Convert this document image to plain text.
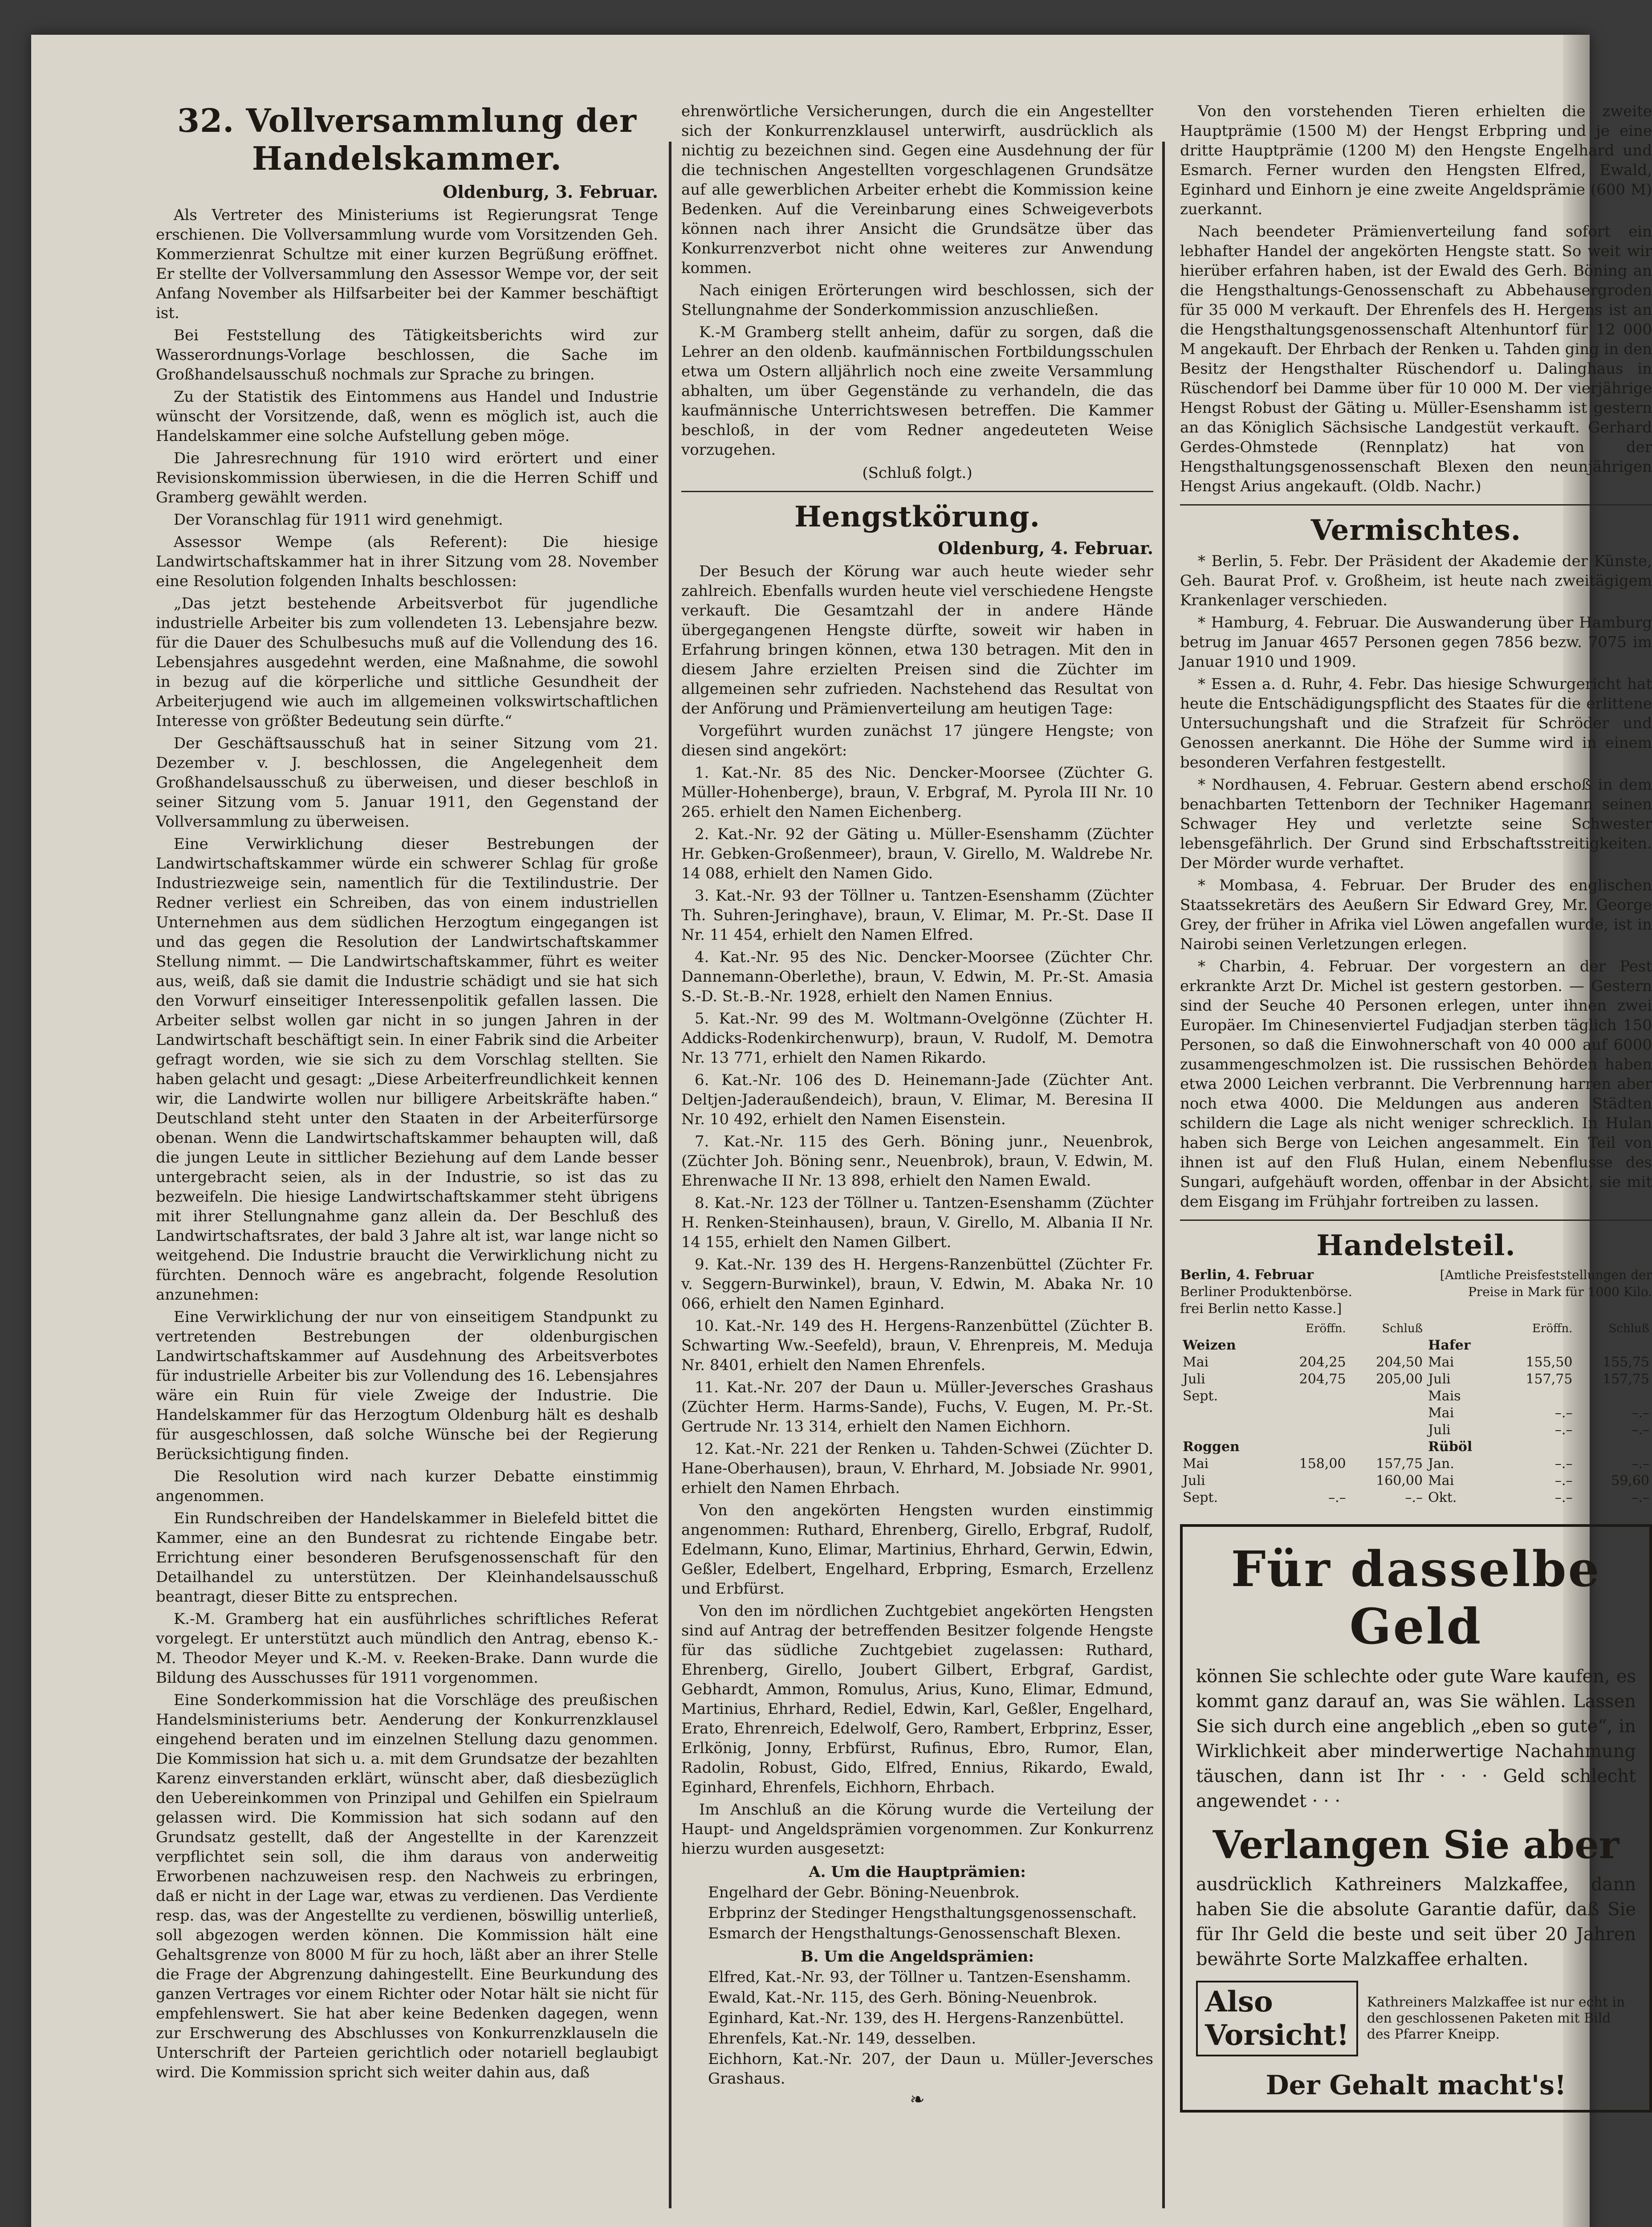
32. Vollversammlung der Handelskammer.
Oldenburg, 3. Februar.

Als Vertreter des Ministeriums ist Regierungsrat Tenge erschienen. Die Vollversammlung wurde vom Vorsitzenden Geh. Kommerzienrat Schultze mit einer kurzen Begrüßung eröffnet. Er stellte der Vollversammlung den Assessor Wempe vor, der seit Anfang November als Hilfsarbeiter bei der Kammer beschäftigt ist.

Bei Feststellung des Tätigkeitsberichts wird zur Wasserordnungs-Vorlage beschlossen, die Sache im Großhandelsausschuß nochmals zur Sprache zu bringen.

Zu der Statistik des Eintommens aus Handel und Industrie wünscht der Vorsitzende, daß, wenn es möglich ist, auch die Handelskammer eine solche Aufstellung geben möge.

Die Jahresrechnung für 1910 wird erörtert und einer Revisionskommission überwiesen, in die die Herren Schiff und Gramberg gewählt werden.

Der Voranschlag für 1911 wird genehmigt.

Assessor Wempe (als Referent): Die hiesige Landwirtschaftskammer hat in ihrer Sitzung vom 28. November eine Resolution folgenden Inhalts beschlossen:

„Das jetzt bestehende Arbeitsverbot für jugendliche industrielle Arbeiter bis zum vollendeten 13. Lebensjahre bezw. für die Dauer des Schulbesuchs muß auf die Vollendung des 16. Lebensjahres ausgedehnt werden, eine Maßnahme, die sowohl in bezug auf die körperliche und sittliche Gesundheit der Arbeiterjugend wie auch im allgemeinen volkswirtschaftlichen Interesse von größter Bedeutung sein dürfte.“

Der Geschäftsausschuß hat in seiner Sitzung vom 21. Dezember v. J. beschlossen, die Angelegenheit dem Großhandelsausschuß zu überweisen, und dieser beschloß in seiner Sitzung vom 5. Januar 1911, den Gegenstand der Vollversammlung zu überweisen.

Eine Verwirklichung dieser Bestrebungen der Landwirtschaftskammer würde ein schwerer Schlag für große Industriezweige sein, namentlich für die Textilindustrie. Der Redner verliest ein Schreiben, das von einem industriellen Unternehmen aus dem südlichen Herzogtum eingegangen ist und das gegen die Resolution der Landwirtschaftskammer Stellung nimmt. — Die Landwirtschaftskammer, führt es weiter aus, weiß, daß sie damit die Industrie schädigt und sie hat sich den Vorwurf einseitiger Interessenpolitik gefallen lassen. Die Arbeiter selbst wollen gar nicht in so jungen Jahren in der Landwirtschaft beschäftigt sein. In einer Fabrik sind die Arbeiter gefragt worden, wie sie sich zu dem Vorschlag stellten. Sie haben gelacht und gesagt: „Diese Arbeiterfreundlichkeit kennen wir, die Landwirte wollen nur billigere Arbeitskräfte haben.“ Deutschland steht unter den Staaten in der Arbeiterfürsorge obenan. Wenn die Landwirtschaftskammer behaupten will, daß die jungen Leute in sittlicher Beziehung auf dem Lande besser untergebracht seien, als in der Industrie, so ist das zu bezweifeln. Die hiesige Landwirtschaftskammer steht übrigens mit ihrer Stellungnahme ganz allein da. Der Beschluß des Landwirtschaftsrates, der bald 3 Jahre alt ist, war lange nicht so weitgehend. Die Industrie braucht die Verwirklichung nicht zu fürchten. Dennoch wäre es angebracht, folgende Resolution anzunehmen:

Eine Verwirklichung der nur von einseitigem Standpunkt zu vertretenden Bestrebungen der oldenburgischen Landwirtschaftskammer auf Ausdehnung des Arbeitsverbotes für industrielle Arbeiter bis zur Vollendung des 16. Lebensjahres wäre ein Ruin für viele Zweige der Industrie. Die Handelskammer für das Herzogtum Oldenburg hält es deshalb für ausgeschlossen, daß solche Wünsche bei der Regierung Berücksichtigung finden.

Die Resolution wird nach kurzer Debatte einstimmig angenommen.

Ein Rundschreiben der Handelskammer in Bielefeld bittet die Kammer, eine an den Bundesrat zu richtende Eingabe betr. Errichtung einer besonderen Berufsgenossenschaft für den Detailhandel zu unterstützen. Der Kleinhandelsausschuß beantragt, dieser Bitte zu entsprechen.

K.-M. Gramberg hat ein ausführliches schriftliches Referat vorgelegt. Er unterstützt auch mündlich den Antrag, ebenso K.-M. Theodor Meyer und K.-M. v. Reeken-Brake. Dann wurde die Bildung des Ausschusses für 1911 vorgenommen.

Eine Sonderkommission hat die Vorschläge des preußischen Handelsministeriums betr. Aenderung der Konkurrenzklausel eingehend beraten und im einzelnen Stellung dazu genommen. Die Kommission hat sich u. a. mit dem Grundsatze der bezahlten Karenz einverstanden erklärt, wünscht aber, daß diesbezüglich den Uebereinkommen von Prinzipal und Gehilfen ein Spielraum gelassen wird. Die Kommission hat sich sodann auf den Grundsatz gestellt, daß der Angestellte in der Karenzzeit verpflichtet sein soll, die ihm daraus von anderweitig Erworbenen nachzuweisen resp. den Nachweis zu erbringen, daß er nicht in der Lage war, etwas zu verdienen. Das Verdiente resp. das, was der Angestellte zu verdienen, böswillig unterließ, soll abgezogen werden können. Die Kommission hält eine Gehaltsgrenze von 8000 M für zu hoch, läßt aber an ihrer Stelle die Frage der Abgrenzung dahingestellt. Eine Beurkundung des ganzen Vertrages vor einem Richter oder Notar hält sie nicht für empfehlenswert. Sie hat aber keine Bedenken dagegen, wenn zur Erschwerung des Abschlusses von Konkurrenzklauseln die Unterschrift der Parteien gerichtlich oder notariell beglaubigt wird. Die Kommission spricht sich weiter dahin aus, daß

ehrenwörtliche Versicherungen, durch die ein Angestellter sich der Konkurrenzklausel unterwirft, ausdrücklich als nichtig zu bezeichnen sind. Gegen eine Ausdehnung der für die technischen Angestellten vorgeschlagenen Grundsätze auf alle gewerblichen Arbeiter erhebt die Kommission keine Bedenken. Auf die Vereinbarung eines Schweigeverbots können nach ihrer Ansicht die Grundsätze über das Konkurrenzverbot nicht ohne weiteres zur Anwendung kommen.

Nach einigen Erörterungen wird beschlossen, sich der Stellungnahme der Sonderkommission anzuschließen.

K.-M Gramberg stellt anheim, dafür zu sorgen, daß die Lehrer an den oldenb. kaufmännischen Fortbildungsschulen etwa um Ostern alljährlich noch eine zweite Versammlung abhalten, um über Gegenstände zu verhandeln, die das kaufmännische Unterrichtswesen betreffen. Die Kammer beschloß, in der vom Redner angedeuteten Weise vorzugehen.

(Schluß folgt.)
Hengstkörung.
Oldenburg, 4. Februar.

Der Besuch der Körung war auch heute wieder sehr zahlreich. Ebenfalls wurden heute viel verschiedene Hengste verkauft. Die Gesamtzahl der in andere Hände übergegangenen Hengste dürfte, soweit wir haben in Erfahrung bringen können, etwa 130 betragen. Mit den in diesem Jahre erzielten Preisen sind die Züchter im allgemeinen sehr zufrieden. Nachstehend das Resultat von der Anförung und Prämienverteilung am heutigen Tage:

Vorgeführt wurden zunächst 17 jüngere Hengste; von diesen sind angekört:

1. Kat.-Nr. 85 des Nic. Dencker-Moorsee (Züchter G. Müller-Hohenberge), braun, V. Erbgraf, M. Pyrola III Nr. 10 265. erhielt den Namen Eichenberg.

2. Kat.-Nr. 92 der Gäting u. Müller-Esenshamm (Züchter Hr. Gebken-Großenmeer), braun, V. Girello, M. Waldrebe Nr. 14 088, erhielt den Namen Gido.

3. Kat.-Nr. 93 der Töllner u. Tantzen-Esenshamm (Züchter Th. Suhren-Jeringhave), braun, V. Elimar, M. Pr.-St. Dase II Nr. 11 454, erhielt den Namen Elfred.

4. Kat.-Nr. 95 des Nic. Dencker-Moorsee (Züchter Chr. Dannemann-Oberlethe), braun, V. Edwin, M. Pr.-St. Amasia S.-D. St.-B.-Nr. 1928, erhielt den Namen Ennius.

5. Kat.-Nr. 99 des M. Woltmann-Ovelgönne (Züchter H. Addicks-Rodenkirchenwurp), braun, V. Rudolf, M. Demotra Nr. 13 771, erhielt den Namen Rikardo.

6. Kat.-Nr. 106 des D. Heinemann-Jade (Züchter Ant. Deltjen-Jaderaußendeich), braun, V. Elimar, M. Beresina II Nr. 10 492, erhielt den Namen Eisenstein.

7. Kat.-Nr. 115 des Gerh. Böning junr., Neuenbrok, (Züchter Joh. Böning senr., Neuenbrok), braun, V. Edwin, M. Ehrenwache II Nr. 13 898, erhielt den Namen Ewald.

8. Kat.-Nr. 123 der Töllner u. Tantzen-Esenshamm (Züchter H. Renken-Steinhausen), braun, V. Girello, M. Albania II Nr. 14 155, erhielt den Namen Gilbert.

9. Kat.-Nr. 139 des H. Hergens-Ranzenbüttel (Züchter Fr. v. Seggern-Burwinkel), braun, V. Edwin, M. Abaka Nr. 10 066, erhielt den Namen Eginhard.

10. Kat.-Nr. 149 des H. Hergens-Ranzenbüttel (Züchter B. Schwarting Ww.-Seefeld), braun, V. Ehrenpreis, M. Meduja Nr. 8401, erhielt den Namen Ehrenfels.

11. Kat.-Nr. 207 der Daun u. Müller-Jeversches Grashaus (Züchter Herm. Harms-Sande), Fuchs, V. Eugen, M. Pr.-St. Gertrude Nr. 13 314, erhielt den Namen Eichhorn.

12. Kat.-Nr. 221 der Renken u. Tahden-Schwei (Züchter D. Hane-Oberhausen), braun, V. Ehrhard, M. Jobsiade Nr. 9901, erhielt den Namen Ehrbach.

Von den angekörten Hengsten wurden einstimmig angenommen: Ruthard, Ehrenberg, Girello, Erbgraf, Rudolf, Edelmann, Kuno, Elimar, Martinius, Ehrhard, Gerwin, Edwin, Geßler, Edelbert, Engelhard, Erbpring, Esmarch, Erzellenz und Erbfürst.

Von den im nördlichen Zuchtgebiet angekörten Hengsten sind auf Antrag der betreffenden Besitzer folgende Hengste für das südliche Zuchtgebiet zugelassen: Ruthard, Ehrenberg, Girello, Joubert Gilbert, Erbgraf, Gardist, Gebhardt, Ammon, Romulus, Arius, Kuno, Elimar, Edmund, Martinius, Ehrhard, Rediel, Edwin, Karl, Geßler, Engelhard, Erato, Ehrenreich, Edelwolf, Gero, Rambert, Erbprinz, Esser, Erlkönig, Jonny, Erbfürst, Rufinus, Ebro, Rumor, Elan, Radolin, Robust, Gido, Elfred, Ennius, Rikardo, Ewald, Eginhard, Ehrenfels, Eichhorn, Ehrbach.

Im Anschluß an die Körung wurde die Verteilung der Haupt- und Angeldsprämien vorgenommen. Zur Konkurrenz hierzu wurden ausgesetzt:

A. Um die Hauptprämien:

Engelhard der Gebr. Böning-Neuenbrok.

Erbprinz der Stedinger Hengsthaltungsgenossenschaft.

Esmarch der Hengsthaltungs-Genossenschaft Blexen.

B. Um die Angeldsprämien:

Elfred, Kat.-Nr. 93, der Töllner u. Tantzen-Esenshamm.

Ewald, Kat.-Nr. 115, des Gerh. Böning-Neuenbrok.

Eginhard, Kat.-Nr. 139, des H. Hergens-Ranzenbüttel.

Ehrenfels, Kat.-Nr. 149, desselben.

Eichhorn, Kat.-Nr. 207, der Daun u. Müller-Jeversches Grashaus.

❧

Von den vorstehenden Tieren erhielten die zweite Hauptprämie (1500 M) der Hengst Erbpring und je eine dritte Hauptprämie (1200 M) den Hengste Engelhard und Esmarch. Ferner wurden den Hengsten Elfred, Ewald, Eginhard und Einhorn je eine zweite Angeldsprämie (600 M) zuerkannt.

Nach beendeter Prämienverteilung fand sofort ein lebhafter Handel der angekörten Hengste statt. So weit wir hierüber erfahren haben, ist der Ewald des Gerh. Böning an die Hengsthaltungs-Genossenschaft zu Abbehausergroden für 35 000 M verkauft. Der Ehrenfels des H. Hergens ist an die Hengsthaltungsgenossenschaft Altenhuntorf für 12 000 M angekauft. Der Ehrbach der Renken u. Tahden ging in den Besitz der Hengsthalter Rüschendorf u. Dalinghaus in Rüschendorf bei Damme über für 10 000 M. Der vierjährige Hengst Robust der Gäting u. Müller-Esenshamm ist gestern an das Königlich Sächsische Landgestüt verkauft. Gerhard Gerdes-Ohmstede (Rennplatz) hat von der Hengsthaltungsgenossenschaft Blexen den neunjährigen Hengst Arius angekauft. (Oldb. Nachr.)

Vermischtes.

* Berlin, 5. Febr. Der Präsident der Akademie der Künste, Geh. Baurat Prof. v. Großheim, ist heute nach zweitägigem Krankenlager verschieden.

* Hamburg, 4. Februar. Die Auswanderung über Hamburg betrug im Januar 4657 Personen gegen 7856 bezw. 7075 im Januar 1910 und 1909.

* Essen a. d. Ruhr, 4. Febr. Das hiesige Schwurgericht hat heute die Entschädigungspflicht des Staates für die erlittene Untersuchungshaft und die Strafzeit für Schröder und Genossen anerkannt. Die Höhe der Summe wird in einem besonderen Verfahren festgestellt.

* Nordhausen, 4. Februar. Gestern abend erschoß in dem benachbarten Tettenborn der Techniker Hagemann seinen Schwager Hey und verletzte seine Schwester lebensgefährlich. Der Grund sind Erbschaftsstreitigkeiten. Der Mörder wurde verhaftet.

* Mombasa, 4. Februar. Der Bruder des englischen Staatssekretärs des Aeußern Sir Edward Grey, Mr. George Grey, der früher in Afrika viel Löwen angefallen wurde, ist in Nairobi seinen Verletzungen erlegen.

* Charbin, 4. Februar. Der vorgestern an der Pest erkrankte Arzt Dr. Michel ist gestern gestorben. — Gestern sind der Seuche 40 Personen erlegen, unter ihnen zwei Europäer. Im Chinesenviertel Fudjadjan sterben täglich 150 Personen, so daß die Einwohnerschaft von 40 000 auf 6000 zusammengeschmolzen ist. Die russischen Behörden haben etwa 2000 Leichen verbrannt. Die Verbrennung harren aber noch etwa 4000. Die Meldungen aus anderen Städten schildern die Lage als nicht weniger schrecklich. In Hulan haben sich Berge von Leichen angesammelt. Ein Teil von ihnen ist auf den Fluß Hulan, einem Nebenflusse des Sungari, aufgehäuft worden, offenbar in der Absicht, sie mit dem Eisgang im Frühjahr fortreiben zu lassen.

Handelsteil.
Berlin, 4. Februar
Berliner Produktenbörse.
frei Berlin netto Kasse.]
[Amtliche Preisfeststellungen der
Preise in Mark für 1000 Kilo.
	Eröffn.	Schluß		Eröffn.	Schluß
Weizen			Hafer		
Mai	204,25	204,50	Mai	155,50	155,75
Juli	204,75	205,00	Juli	157,75	157,75
Sept.			Mais		
			Mai	–.–	–.–
			Juli	–.–	–.–
Roggen			Rüböl		
Mai	158,00	157,75	Jan.	–.–	–.–
Juli		160,00	Mai	–.–	59,60
Sept.	–.–	–.–	Okt.	–.–	–.–
Für dasselbe Geld

können Sie schlechte oder gute Ware kaufen, es kommt ganz darauf an, was Sie wählen. Lassen Sie sich durch eine angeblich „eben so gute“, in Wirklichkeit aber minderwertige Nachahmung täuschen, dann ist Ihr · · · Geld schlecht angewendet · · ·

Verlangen Sie aber

ausdrücklich Kathreiners Malzkaffee, dann haben Sie die absolute Garantie dafür, daß Sie für Ihr Geld die beste und seit über 20 Jahren bewährte Sorte Malzkaffee erhalten.

Also Vorsicht!
Kathreiners Malzkaffee ist nur echt in den geschlossenen Paketen mit Bild des Pfarrer Kneipp.
Der Gehalt macht's!
